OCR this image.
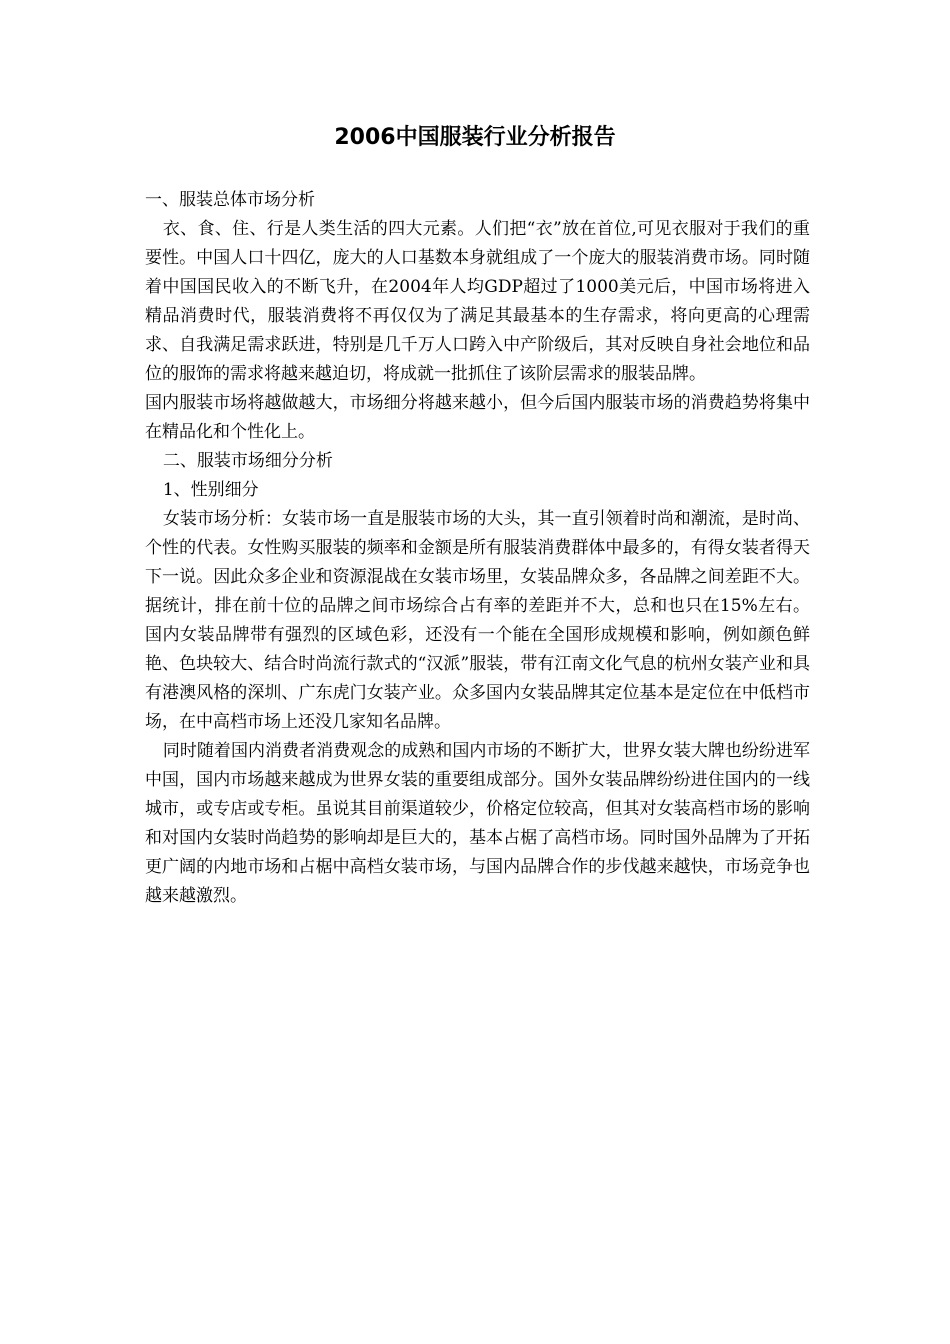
2006中国服装行业分析报告

一、服装总体市场分析

衣、食、住、行是人类生活的四大元素。人们把“衣”放在首位,可见衣服对于我们的重要性。中国人口十四亿，庞大的人口基数本身就组成了一个庞大的服装消费市场。同时随着中国国民收入的不断飞升，在2004年人均GDP超过了1000美元后，中国市场将进入精品消费时代，服装消费将不再仅仅为了满足其最基本的生存需求，将向更高的心理需求、自我满足需求跃进，特别是几千万人口跨入中产阶级后，其对反映自身社会地位和品位的服饰的需求将越来越迫切，将成就一批抓住了该阶层需求的服装品牌。

国内服装市场将越做越大，市场细分将越来越小，但今后国内服装市场的消费趋势将集中在精品化和个性化上。

二、服装市场细分分析

1、性别细分

女装市场分析：女装市场一直是服装市场的大头，其一直引领着时尚和潮流，是时尚、个性的代表。女性购买服装的频率和金额是所有服装消费群体中最多的，有得女装者得天下一说。因此众多企业和资源混战在女装市场里，女装品牌众多，各品牌之间差距不大。据统计，排在前十位的品牌之间市场综合占有率的差距并不大，总和也只在15%左右。国内女装品牌带有强烈的区域色彩，还没有一个能在全国形成规模和影响，例如颜色鲜艳、色块较大、结合时尚流行款式的“汉派”服装，带有江南文化气息的杭州女装产业和具有港澳风格的深圳、广东虎门女装产业。众多国内女装品牌其定位基本是定位在中低档市场，在中高档市场上还没几家知名品牌。

同时随着国内消费者消费观念的成熟和国内市场的不断扩大，世界女装大牌也纷纷进军中国，国内市场越来越成为世界女装的重要组成部分。国外女装品牌纷纷进住国内的一线城市，或专店或专柜。虽说其目前渠道较少，价格定位较高，但其对女装高档市场的影响和对国内女装时尚趋势的影响却是巨大的，基本占椐了高档市场。同时国外品牌为了开拓更广阔的内地市场和占椐中高档女装市场，与国内品牌合作的步伐越来越快，市场竞争也越来越激烈。
